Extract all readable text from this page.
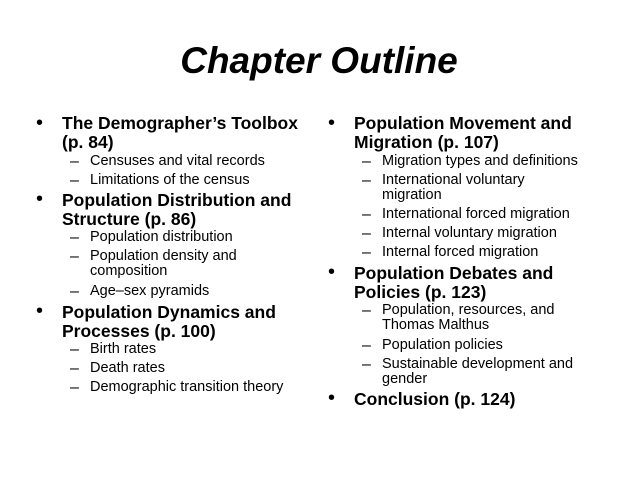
Chapter Outline
• The Demographer’s Toolbox
(p. 84)
– Censuses and vital records
– Limitations of the census
• Population Distribution and
Structure (p. 86)
– Population distribution
– Population density and
composition
– Age–sex pyramids
• Population Dynamics and
Processes (p. 100)
– Birth rates
– Death rates
– Demographic transition theory
• Population Movement and
Migration (p. 107)
– Migration types and definitions
– International voluntary
migration
– International forced migration
– Internal voluntary migration
– Internal forced migration
• Population Debates and
Policies (p. 123)
– Population, resources, and
Thomas Malthus
– Population policies
– Sustainable development and
gender
• Conclusion (p. 124)
